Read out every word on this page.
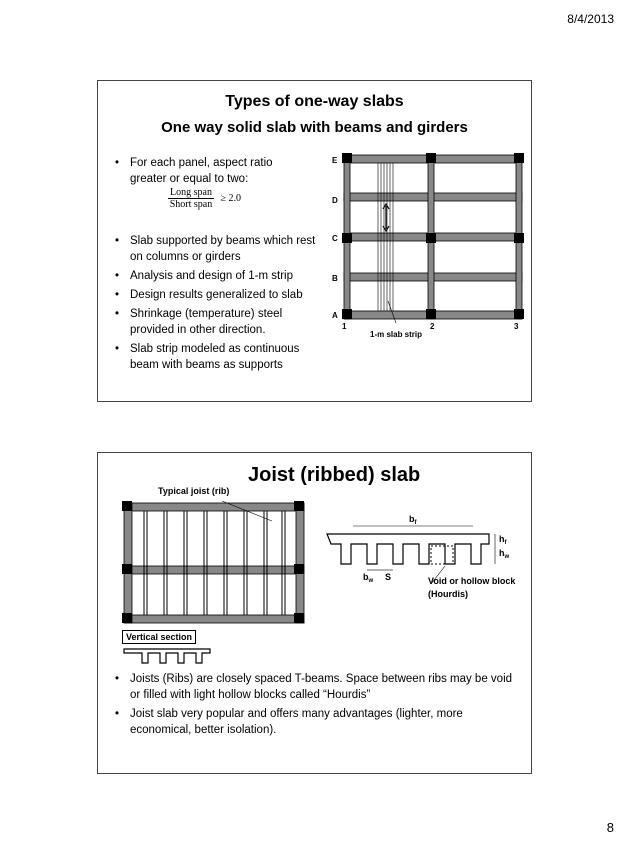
8/4/2013
Types of one-way slabs
One way solid slab with beams and girders
• For each panel, aspect ratio greater or equal to two:
$\frac{\text{Long span}}{\text{Short span}} \ge 2.0$
• Slab supported by beams which rest on columns or girders
• Analysis and design of 1-m strip
• Design results generalized to slab
• Shrinkage (temperature) steel provided in other direction.
• Slab strip modeled as continuous beam with beams as supports
E
D
C
B
A
1	2	3
1-m slab strip
Joist (ribbed) slab
Typical joist (rib)
Vertical section
$b_f$
$h_f$
$h_w$
$b_w$ S	Void or hollow block (Hourdis)
• Joists (Ribs) are closely spaced T-beams. Space between ribs may be void or filled with light hollow blocks called “Hourdis”
• Joist slab very popular and offers many advantages (lighter, more economical, better isolation).
8
